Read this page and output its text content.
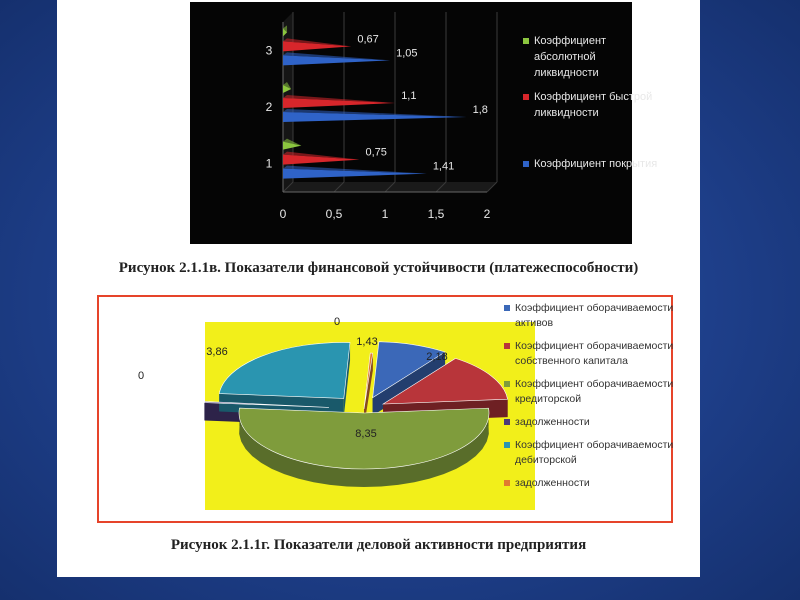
0	0,5	1	1,5	2
1
0,75
1,41
2
1,1
1,8
3
0,67
1,05
Коэффициент абсолютной ликвидности
Коэффициент быстрой ликвидности
Коэффициент покрытия
Рисунок 2.1.1в. Показатели финансовой устойчивости (платежеспособности)
1,43
2,18
8,35
0
3,86
0
Коэффициент оборачиваемости активов
Коэффициент оборачиваемости собственного капитала
Коэффициент оборачиваемости кредиторской
задолженности
Коэффициент оборачиваемости дебиторской
задолженности
Рисунок 2.1.1г. Показатели деловой активности предприятия
